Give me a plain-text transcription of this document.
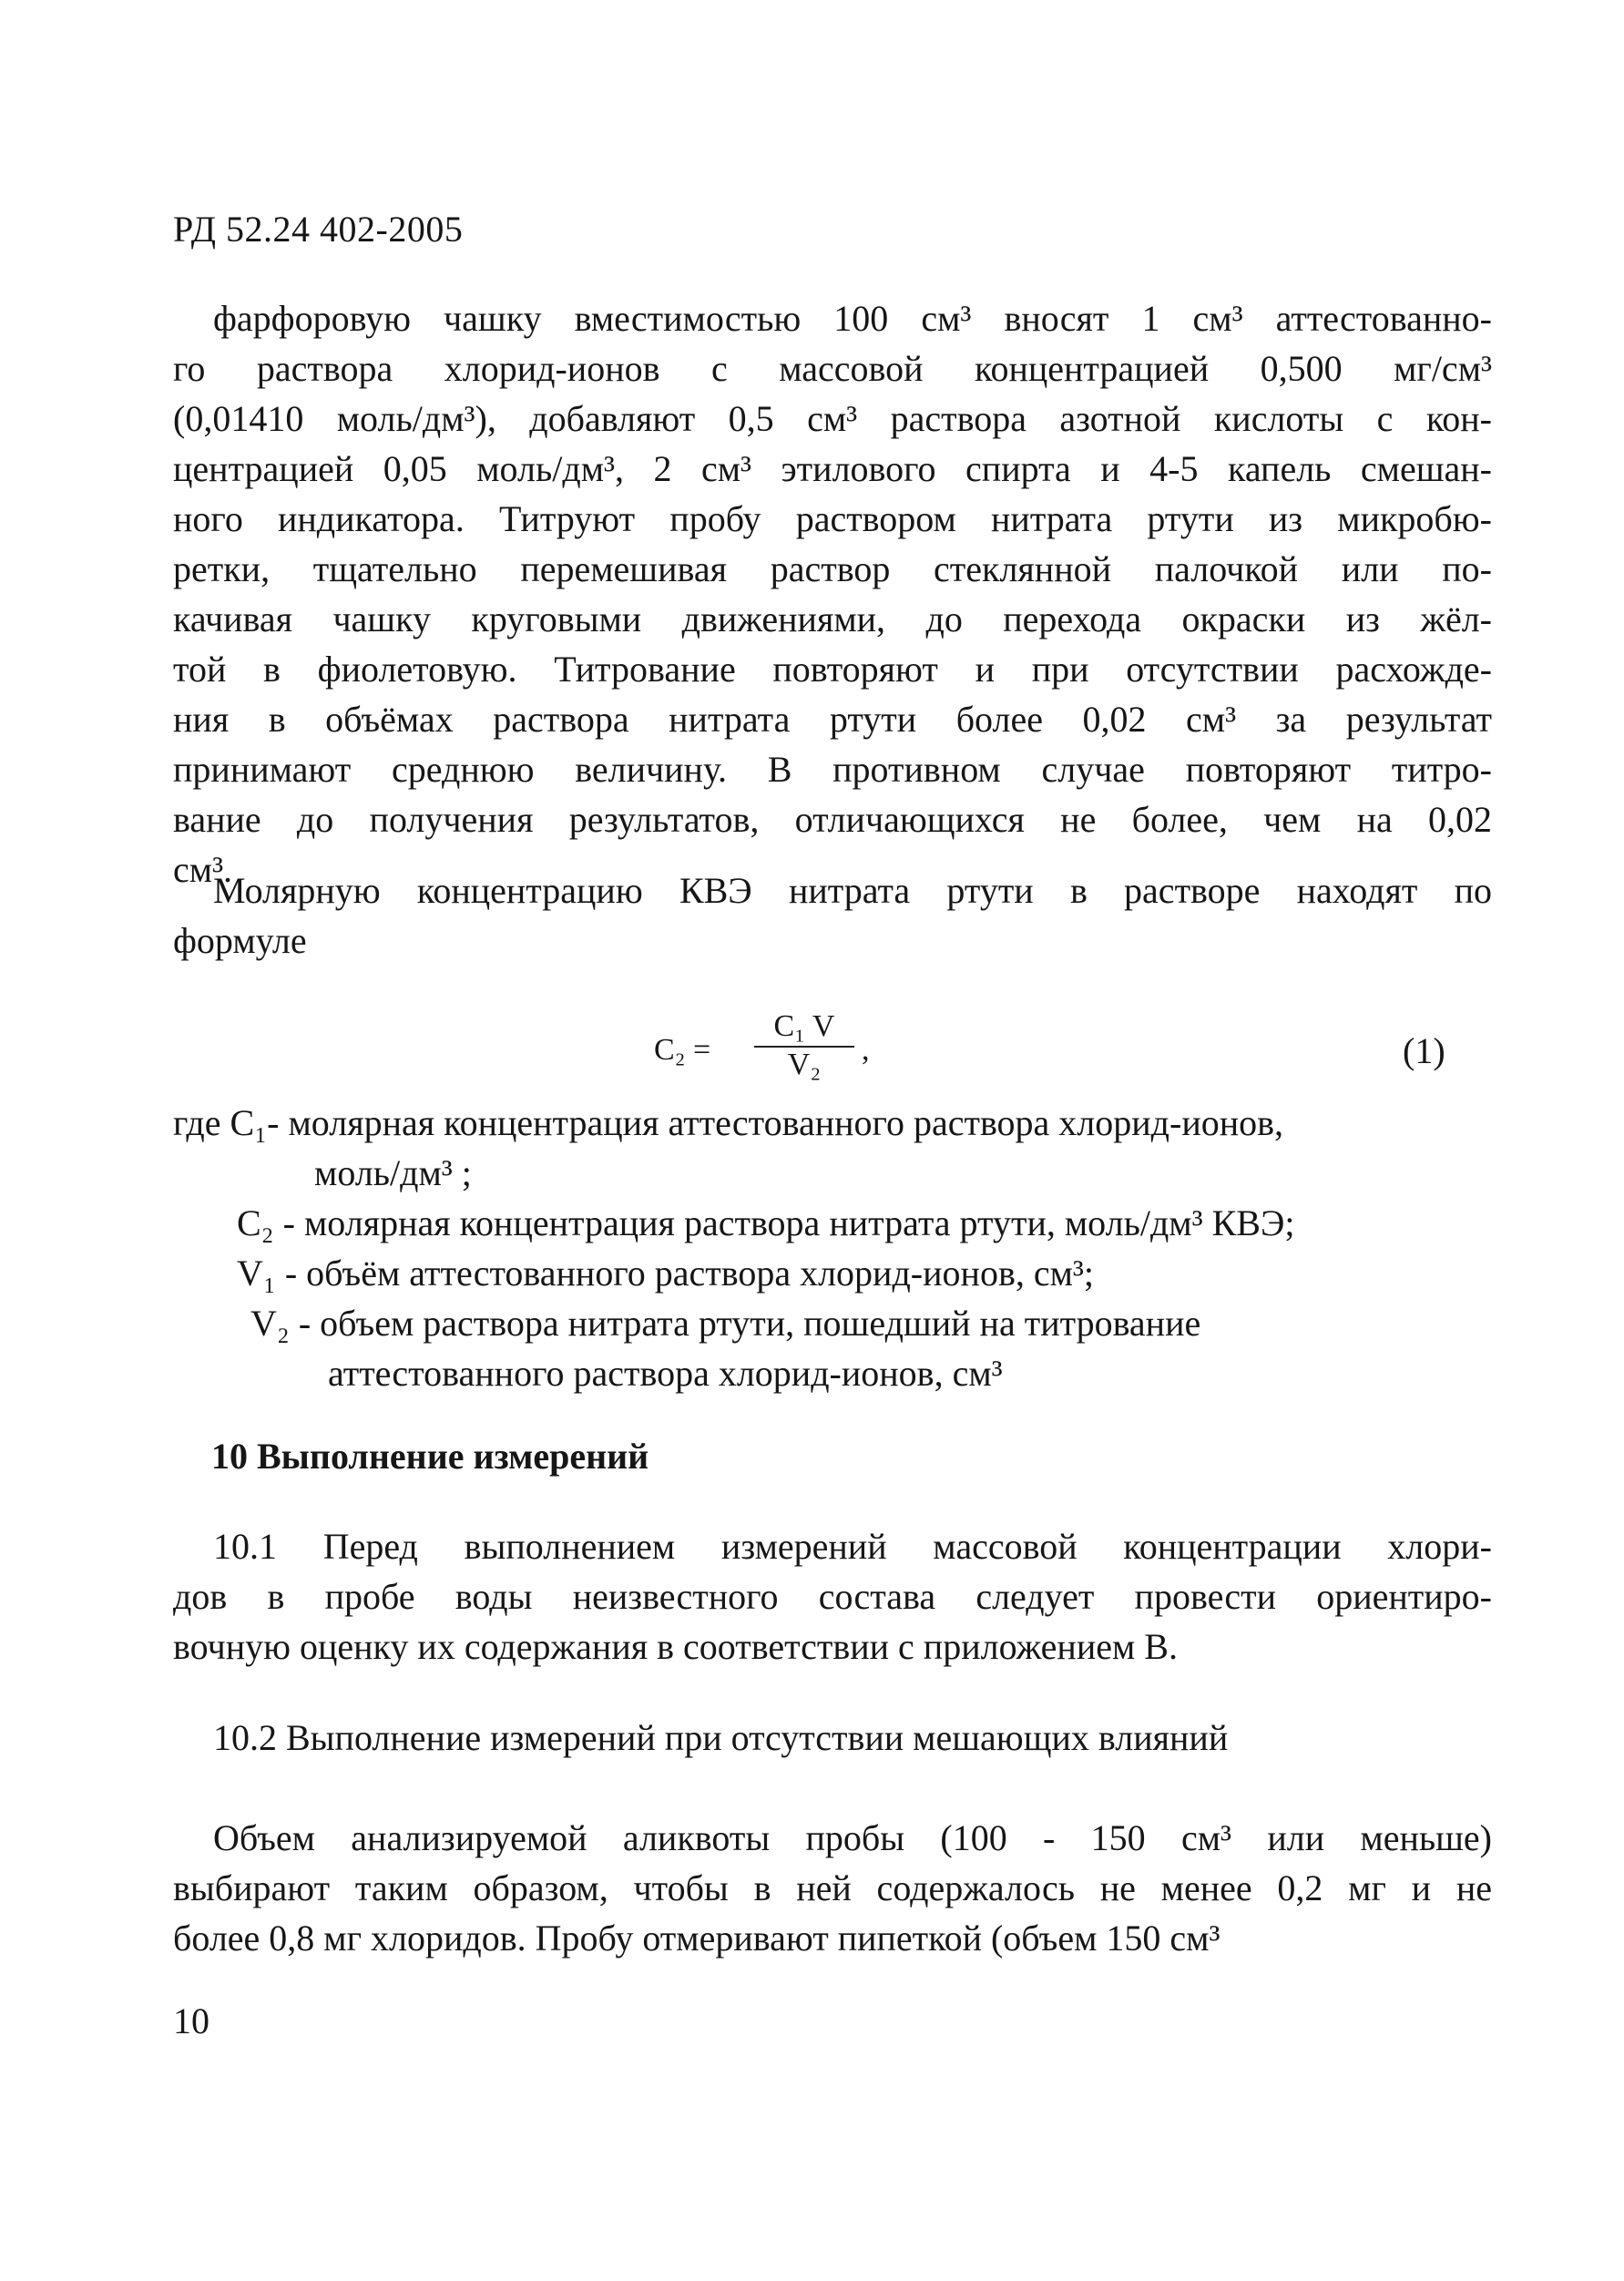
РД 52.24 402-2005
фарфоровую чашку вместимостью 100 см³ вносят 1 см³ аттестованно-
го раствора хлорид-ионов с массовой концентрацией 0,500 мг/см³
(0,01410 моль/дм³), добавляют 0,5 см³ раствора азотной кислоты с кон-
центрацией 0,05 моль/дм³, 2 см³ этилового спирта и 4-5 капель смешан-
ного индикатора. Титруют пробу раствором нитрата ртути из микробю-
ретки, тщательно перемешивая раствор стеклянной палочкой или по-
качивая чашку круговыми движениями, до перехода окраски из жёл-
той в фиолетовую. Титрование повторяют и при отсутствии расхожде-
ния в объёмах раствора нитрата ртути более 0,02 см³ за результат
принимают среднюю величину. В противном случае повторяют титро-
вание до получения результатов, отличающихся не более, чем на 0,02
см³.
Молярную концентрацию КВЭ нитрата ртути в растворе находят по
формуле
$C_2 = \frac{\text{C₁ V}}{\text{V₂}}$ ,	(1)
где C₁- молярная концентрация аттестованного раствора хлорид-ионов,
моль/дм³ ;
C₂ - молярная концентрация раствора нитрата ртути, моль/дм³ КВЭ;
V₁ - объём аттестованного раствора хлорид-ионов, см³;
V₂ - объем раствора нитрата ртути, пошедший на титрование
аттестованного раствора хлорид-ионов, см³
10 Выполнение измерений
10.1 Перед выполнением измерений массовой концентрации хлори-
дов в пробе воды неизвестного состава следует провести ориентиро-
вочную оценку их содержания в соответствии с приложением В.
10.2 Выполнение измерений при отсутствии мешающих влияний
Объем анализируемой аликвоты пробы (100 - 150 см³ или меньше)
выбирают таким образом, чтобы в ней содержалось не менее 0,2 мг и не
более 0,8 мг хлоридов. Пробу отмеривают пипеткой (объем 150 см³
10
